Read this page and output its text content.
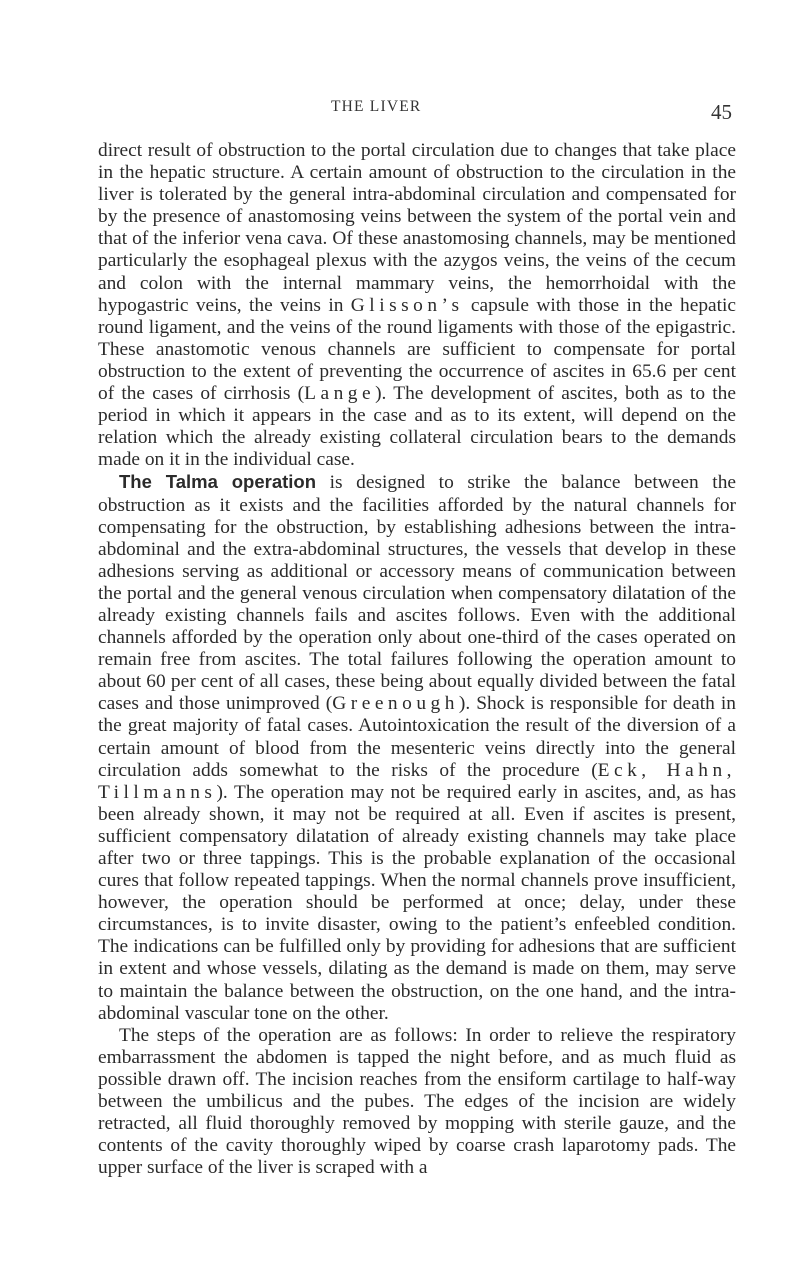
THE LIVER	45

direct result of obstruction to the portal circulation due to changes that take place in the hepatic structure. A certain amount of obstruction to the circulation in the liver is tolerated by the general intra-abdominal circulation and compensated for by the presence of anastomosing veins between the system of the portal vein and that of the inferior vena cava. Of these anastomosing channels, may be mentioned particularly the esophageal plexus with the azygos veins, the veins of the cecum and colon with the internal mammary veins, the hemorrhoidal with the hypogastric veins, the veins in Glisson’s capsule with those in the hepatic round ligament, and the veins of the round ligaments with those of the epigastric. These anastomotic venous channels are sufficient to compensate for portal obstruction to the extent of preventing the occurrence of ascites in 65.6 per cent of the cases of cirrhosis (Lange). The development of ascites, both as to the period in which it appears in the case and as to its extent, will depend on the relation which the already existing collateral circulation bears to the demands made on it in the individual case.

The Talma operation is designed to strike the balance between the obstruction as it exists and the facilities afforded by the natural channels for compensating for the obstruction, by establishing adhesions between the intra-abdominal and the extra-abdominal structures, the vessels that develop in these adhesions serving as additional or accessory means of communication between the portal and the general venous circulation when compensatory dilatation of the already existing channels fails and ascites follows. Even with the additional channels afforded by the operation only about one-third of the cases operated on remain free from ascites. The total failures following the operation amount to about 60 per cent of all cases, these being about equally divided between the fatal cases and those unimproved (Greenough). Shock is responsible for death in the great majority of fatal cases. Autointoxication the result of the diversion of a certain amount of blood from the mesenteric veins directly into the general circulation adds somewhat to the risks of the procedure (Eck, Hahn, Tillmanns). The operation may not be required early in ascites, and, as has been already shown, it may not be required at all. Even if ascites is present, sufficient compensatory dilatation of already existing channels may take place after two or three tappings. This is the probable explanation of the occasional cures that follow repeated tappings. When the normal channels prove insufficient, however, the operation should be performed at once; delay, under these circumstances, is to invite disaster, owing to the patient’s enfeebled condition. The indications can be fulfilled only by providing for adhesions that are sufficient in extent and whose vessels, dilating as the demand is made on them, may serve to maintain the balance between the obstruction, on the one hand, and the intra-abdominal vascular tone on the other.

The steps of the operation are as follows: In order to relieve the respiratory embarrassment the abdomen is tapped the night before, and as much fluid as possible drawn off. The incision reaches from the ensiform cartilage to half-way between the umbilicus and the pubes. The edges of the incision are widely retracted, all fluid thoroughly removed by mopping with sterile gauze, and the contents of the cavity thoroughly wiped by coarse crash laparotomy pads. The upper surface of the liver is scraped with a
